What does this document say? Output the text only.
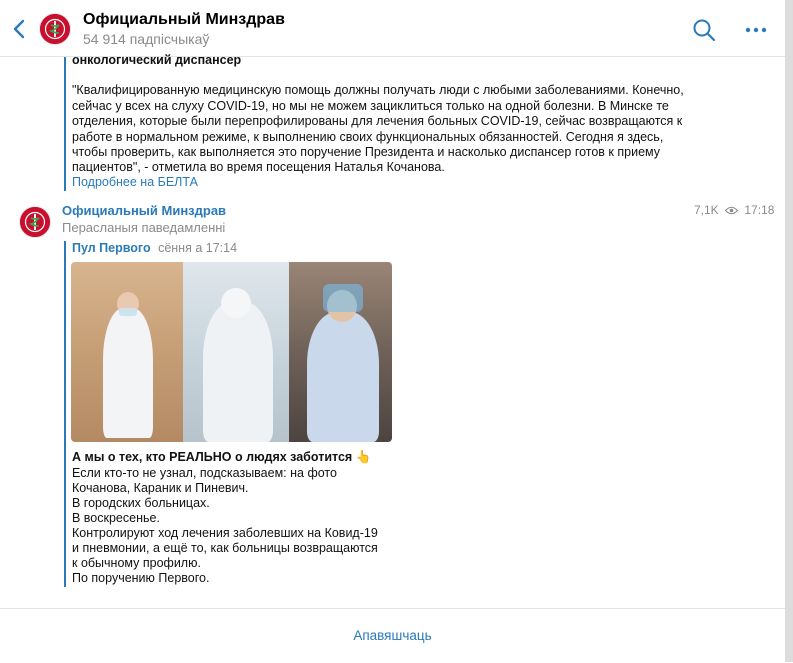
Официальный Минздрав
54 914 падпісчыкаў
онкологический диспансер
"Квалифицированную медицинскую помощь должны получать люди с любыми заболеваниями. Конечно,
сейчас у всех на слуху COVID-19, но мы не можем зациклиться только на одной болезни. В Минске те
отделения, которые были перепрофилированы для лечения больных COVID-19, сейчас возвращаются к
работе в нормальном режиме, к выполнению своих функциональных обязанностей. Сегодня я здесь,
чтобы проверить, как выполняется это поручение Президента и насколько диспансер готов к приему
пациентов", - отметила во время посещения Наталья Кочанова.
Подробнее на БЕЛТА
Официальный Минздрав
Перасланыя паведамленні
7,1K 17:18
Пул Первого сёння а 17:14
А мы о тех, кто РЕАЛЬНО о людях заботится 👆
Если кто-то не узнал, подсказываем: на фото
Кочанова, Караник и Пиневич.
В городских больницах.
В воскресенье.
Контролируют ход лечения заболевших на Ковид-19
и пневмонии, а ещё то, как больницы возвращаются
к обычному профилю.
По поручению Первого.
Апавяшчаць
